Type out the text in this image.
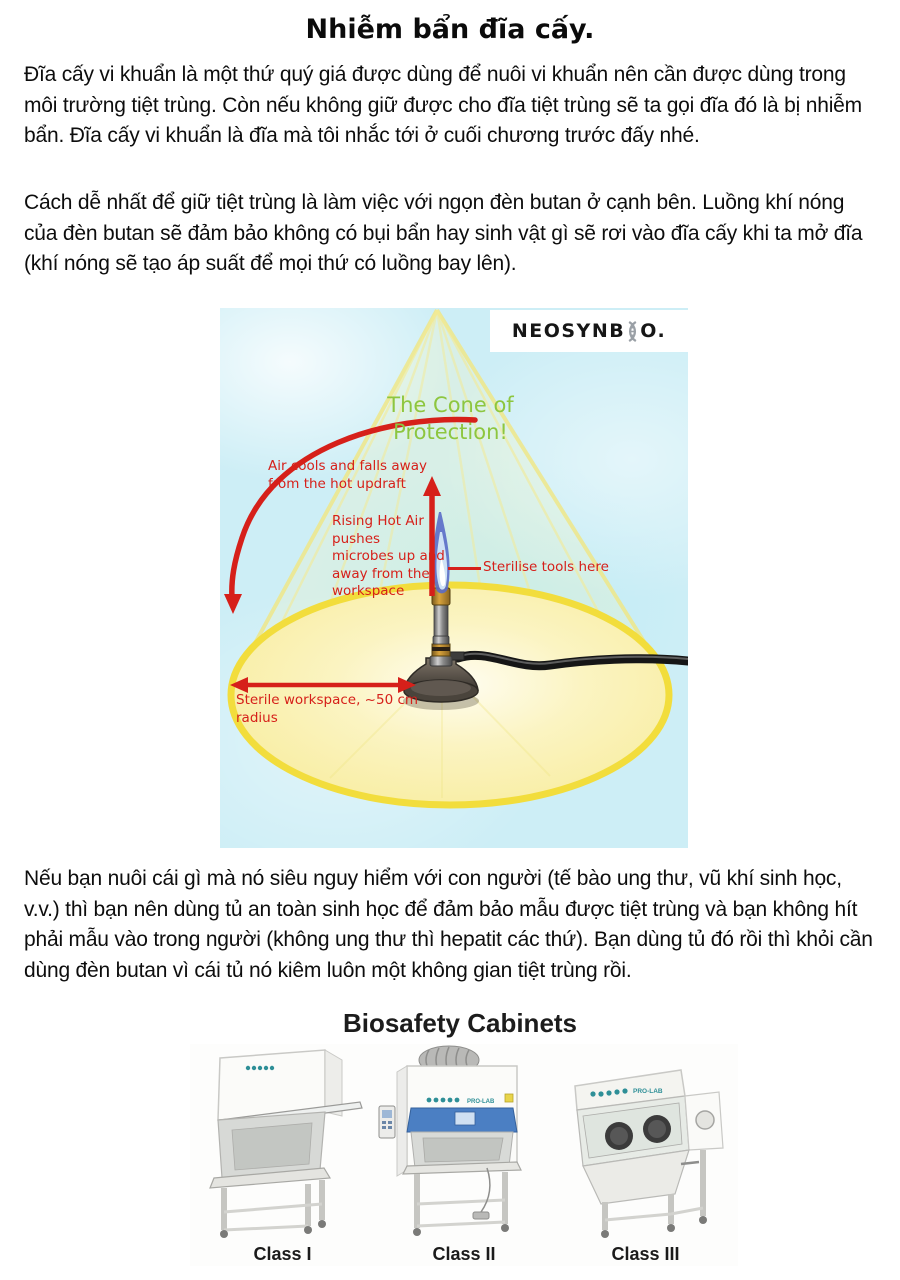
Nhiễm bẩn đĩa cấy.

Đĩa cấy vi khuẩn là một thứ quý giá được dùng để nuôi vi khuẩn nên cần được dùng trong môi trường tiệt trùng. Còn nếu không giữ được cho đĩa tiệt trùng sẽ ta gọi đĩa đó là bị nhiễm bẩn. Đĩa cấy vi khuẩn là đĩa mà tôi nhắc tới ở cuối chương trước đấy nhé.

Cách dễ nhất để giữ tiệt trùng là làm việc với ngọn đèn butan ở cạnh bên. Luồng khí nóng của đèn butan sẽ đảm bảo không có bụi bẩn hay sinh vật gì sẽ rơi vào đĩa cấy khi ta mở đĩa (khí nóng sẽ tạo áp suất để mọi thứ có luồng bay lên).

Nếu bạn nuôi cái gì mà nó siêu nguy hiểm với con người (tế bào ung thư, vũ khí sinh học, v.v.) thì bạn nên dùng tủ an toàn sinh học để đảm bảo mẫu được tiệt trùng và bạn không hít phải mẫu vào trong người (không ung thư thì hepatit các thứ). Bạn dùng tủ đó rồi thì khỏi cần dùng đèn butan vì cái tủ nó kiêm luôn một không gian tiệt trùng rồi.

NEOSYNB O.
The Cone of
Protection!
Air cools and falls away from the hot updraft
Rising Hot Air pushes microbes up and away from the workspace
Sterilise tools here
Sterile workspace, ~50 cm radius
Biosafety Cabinets
Class I
PRO-LAB
Class II
PRO-LAB
Class III
